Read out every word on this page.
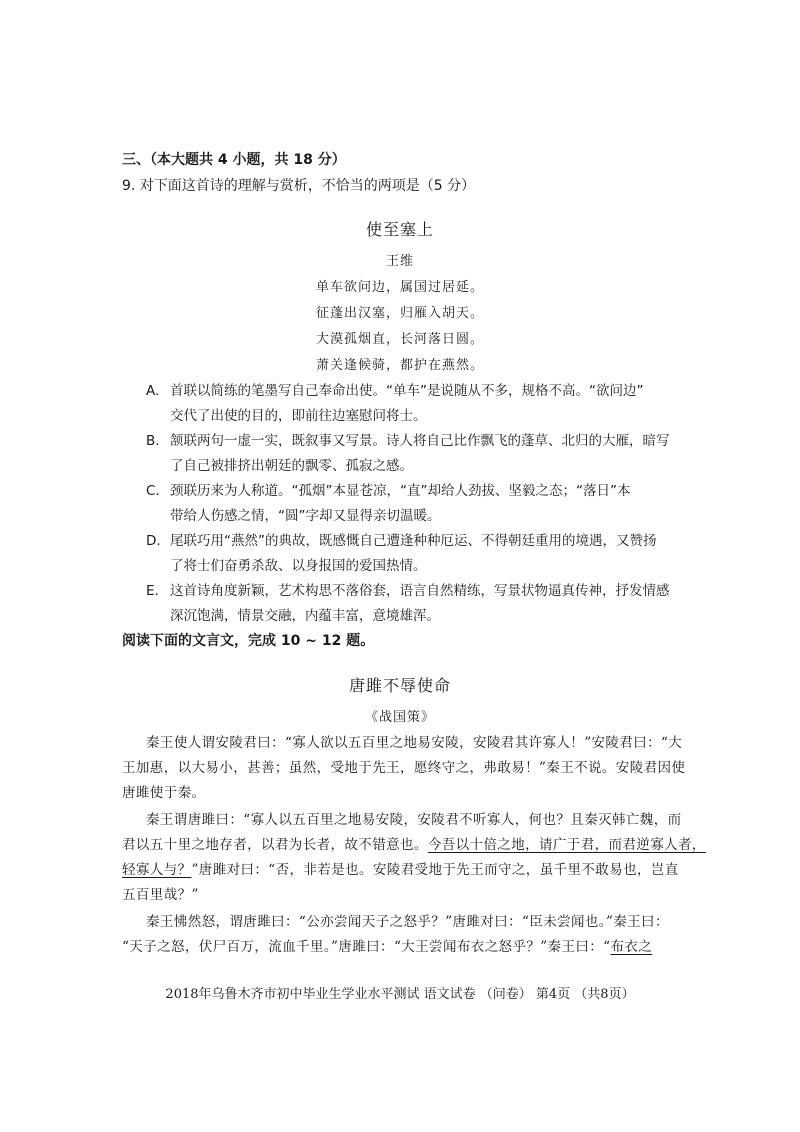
三、（本大题共 4 小题，共 18 分）
9. 对下面这首诗的理解与赏析，不恰当的两项是（5 分）
使至塞上
王维
单车欲问边，属国过居延。
征蓬出汉塞，归雁入胡天。
大漠孤烟直，长河落日圆。
萧关逢候骑，都护在燕然。
A. 首联以简练的笔墨写自己奉命出使。“单车”是说随从不多，规格不高。“欲问边”
交代了出使的目的，即前往边塞慰问将士。
B. 颔联两句一虚一实，既叙事又写景。诗人将自己比作飘飞的蓬草、北归的大雁，暗写
了自己被排挤出朝廷的飘零、孤寂之感。
C. 颈联历来为人称道。“孤烟”本显苍凉，“直”却给人劲拔、坚毅之态；“落日”本
带给人伤感之情，“圆”字却又显得亲切温暖。
D. 尾联巧用“燕然”的典故，既感慨自己遭逢种种厄运、不得朝廷重用的境遇，又赞扬
了将士们奋勇杀敌、以身报国的爱国热情。
E. 这首诗角度新颖，艺术构思不落俗套，语言自然精练，写景状物逼真传神，抒发情感
深沉饱满，情景交融，内蕴丰富，意境雄浑。
阅读下面的文言文，完成 10 ~ 12 题。
唐雎不辱使命
《战国策》
秦王使人谓安陵君曰：“寡人欲以五百里之地易安陵，安陵君其许寡人！”安陵君曰：“大
王加惠，以大易小，甚善；虽然，受地于先王，愿终守之，弗敢易！”秦王不说。安陵君因使
唐雎使于秦。
秦王谓唐雎曰：“寡人以五百里之地易安陵，安陵君不听寡人，何也？且秦灭韩亡魏，而
君以五十里之地存者，以君为长者，故不错意也。今吾以十倍之地，请广于君，而君逆寡人者，
轻寡人与？”唐雎对曰：“否，非若是也。安陵君受地于先王而守之，虽千里不敢易也，岂直
五百里哉？”
秦王怫然怒，谓唐雎曰：“公亦尝闻天子之怒乎？”唐雎对曰：“臣未尝闻也。”秦王曰：
“天子之怒，伏尸百万，流血千里。”唐雎曰：“大王尝闻布衣之怒乎？”秦王曰：“布衣之
2018年乌鲁木齐市初中毕业生学业水平测试 语文试卷 （问卷） 第4页 （共8页）
